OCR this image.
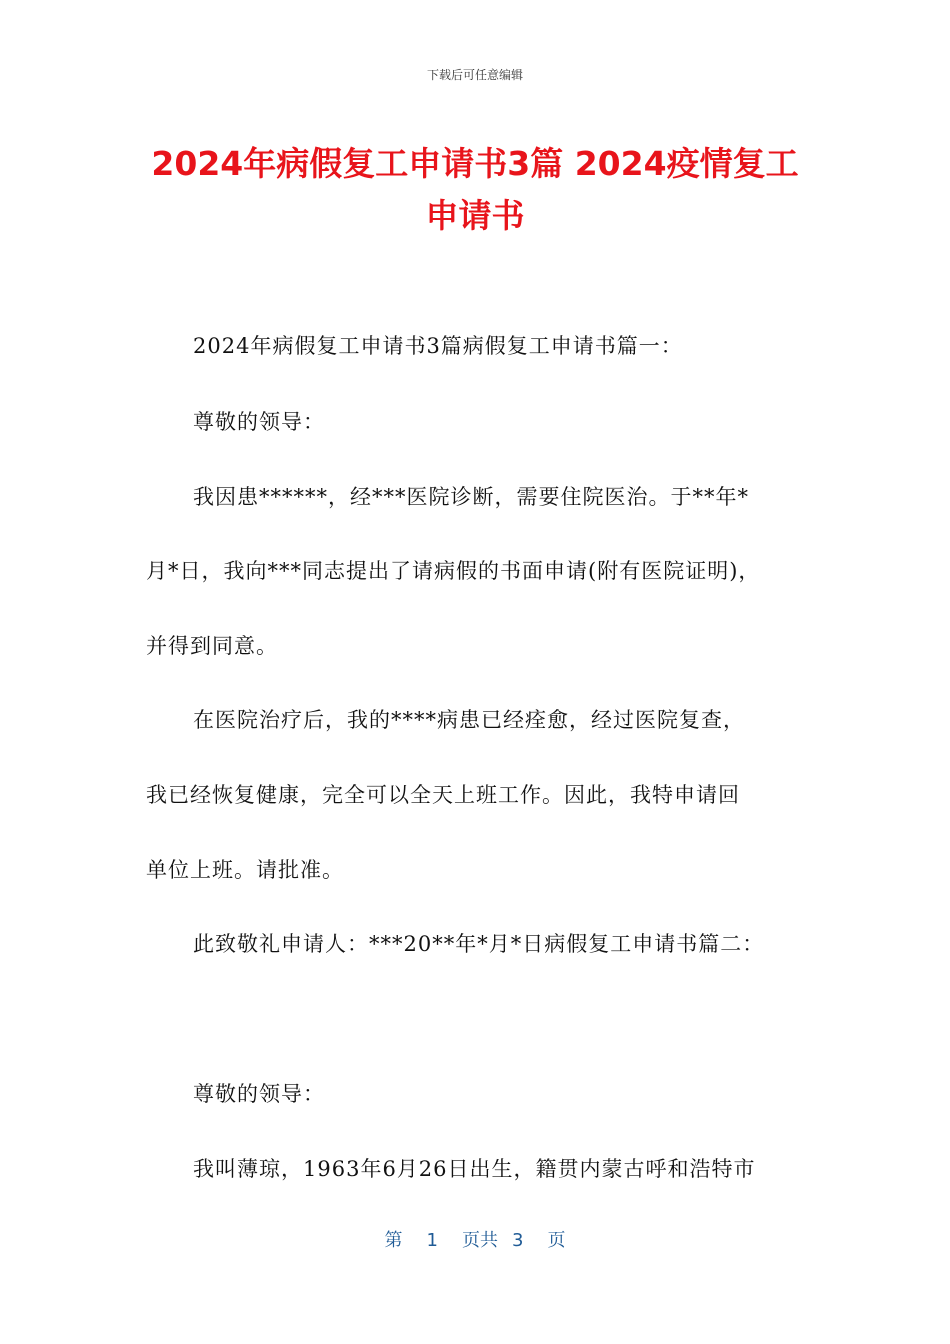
下载后可任意编辑
2024年病假复工申请书3篇 2024疫情复工
申请书

2024年病假复工申请书3篇病假复工申请书篇一：

尊敬的领导：

我因患******，经***医院诊断，需要住院医治。于**年*

月*日，我向***同志提出了请病假的书面申请(附有医院证明)，

并得到同意。

在医院治疗后，我的****病患已经痊愈，经过医院复查，

我已经恢复健康，完全可以全天上班工作。因此，我特申请回

单位上班。请批准。

此致敬礼申请人：***20**年*月*日病假复工申请书篇二：

尊敬的领导：

我叫薄琼，1963年6月26日出生，籍贯内蒙古呼和浩特市

第 1 页共 3 页
